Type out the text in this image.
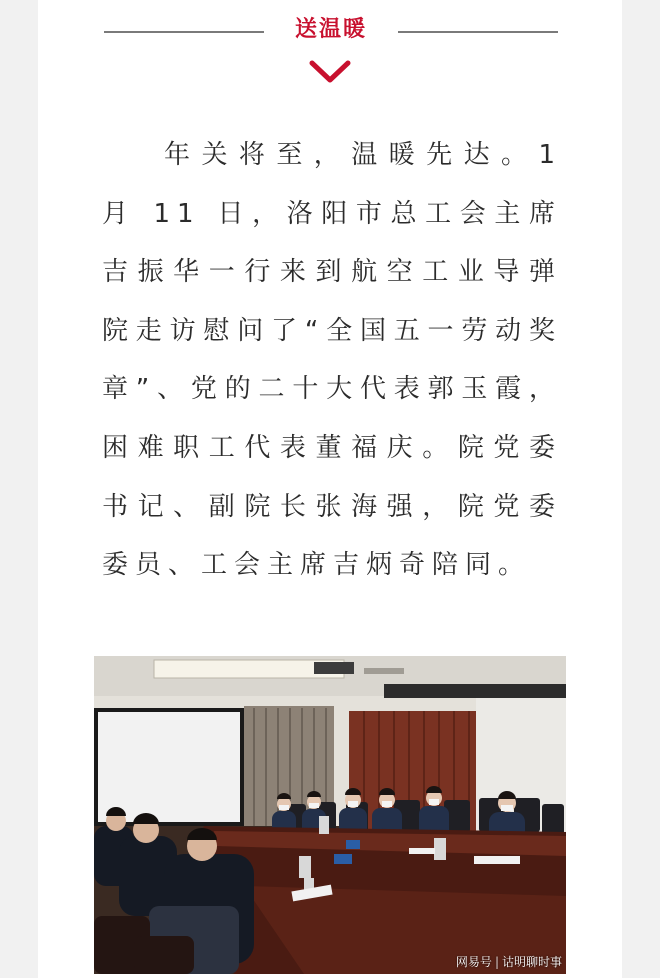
送温暖

年关将至，温暖先达。1 月 11 日，洛阳市总工会主席吉振华一行来到航空工业导弹院走访慰问了“全国五一劳动奖章”、党的二十大代表郭玉霞，困难职工代表董福庆。院党委书记、副院长张海强，院党委委员、工会主席吉炳奇陪同。

网易号 | 诂明聊时事
